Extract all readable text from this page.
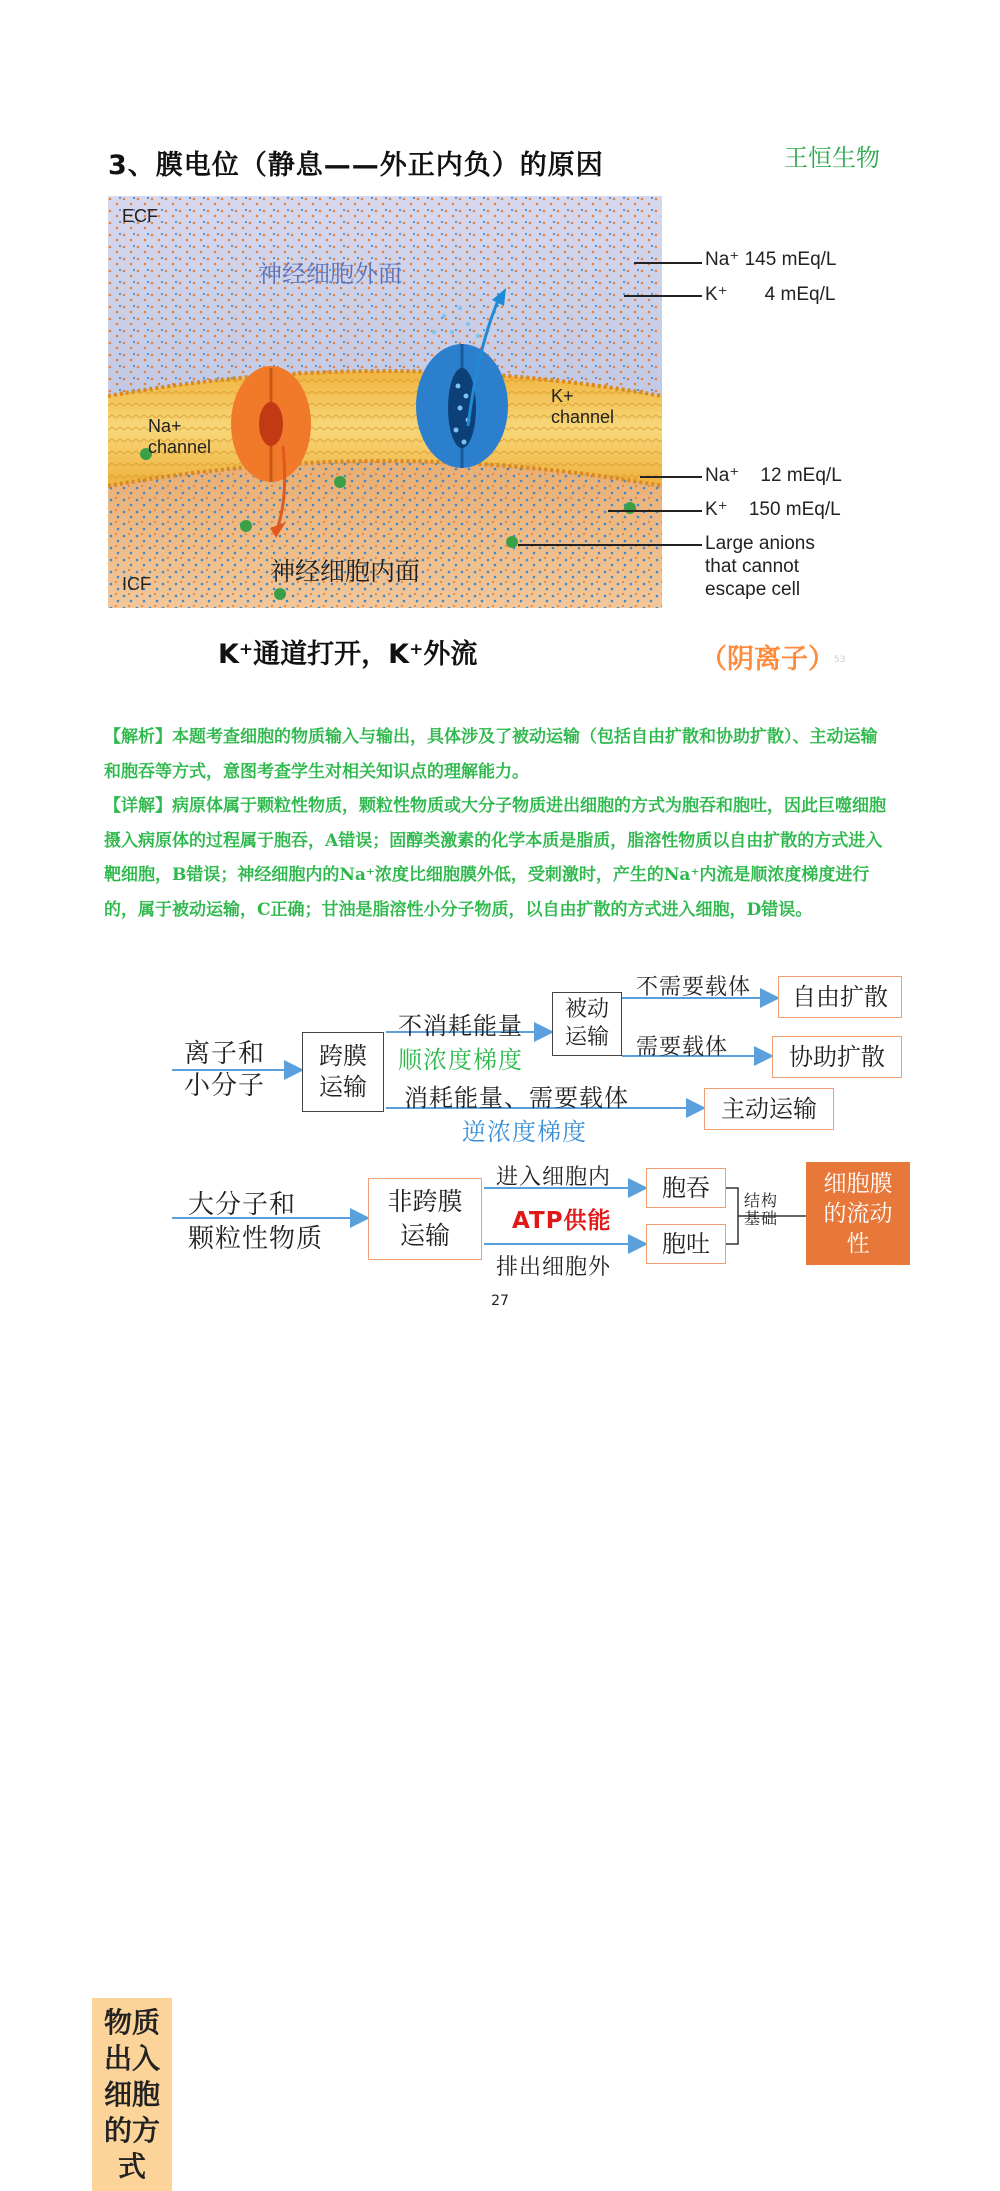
3、膜电位（静息——外正内负）的原因	王恒生物
ECF
ICF
神经细胞外面
神经细胞内面
Na+
channel
K+
channel
Na⁺ 145 mEq/L
K⁺       4 mEq/L
Na⁺    12 mEq/L
K⁺    150 mEq/L
Large anions
that cannot
escape cell
K⁺通道打开，K⁺外流	（阴离子） 53

【解析】本题考查细胞的物质输入与输出，具体涉及了被动运输（包括自由扩散和协助扩散）、主动运输和胞吞等方式，意图考查学生对相关知识点的理解能力。

【详解】病原体属于颗粒性物质，颗粒性物质或大分子物质进出细胞的方式为胞吞和胞吐，因此巨噬细胞摄入病原体的过程属于胞吞，A错误；固醇类激素的化学本质是脂质，脂溶性物质以自由扩散的方式进入靶细胞，B错误；神经细胞内的Na⁺浓度比细胞膜外低，受刺激时，产生的Na⁺内流是顺浓度梯度进行的，属于被动运输，C正确；甘油是脂溶性小分子物质，以自由扩散的方式进入细胞，D错误。

物质出入细胞的方式
离子和
小分子
跨膜
运输
不消耗能量
顺浓度梯度
被动
运输
不需要载体
需要载体
自由扩散
协助扩散
消耗能量、需要载体
逆浓度梯度
主动运输
大分子和
颗粒性物质
非跨膜
运输
进入细胞内
ATP供能
排出细胞外
胞吞
胞吐
结构
基础
细胞膜的流动性
27
